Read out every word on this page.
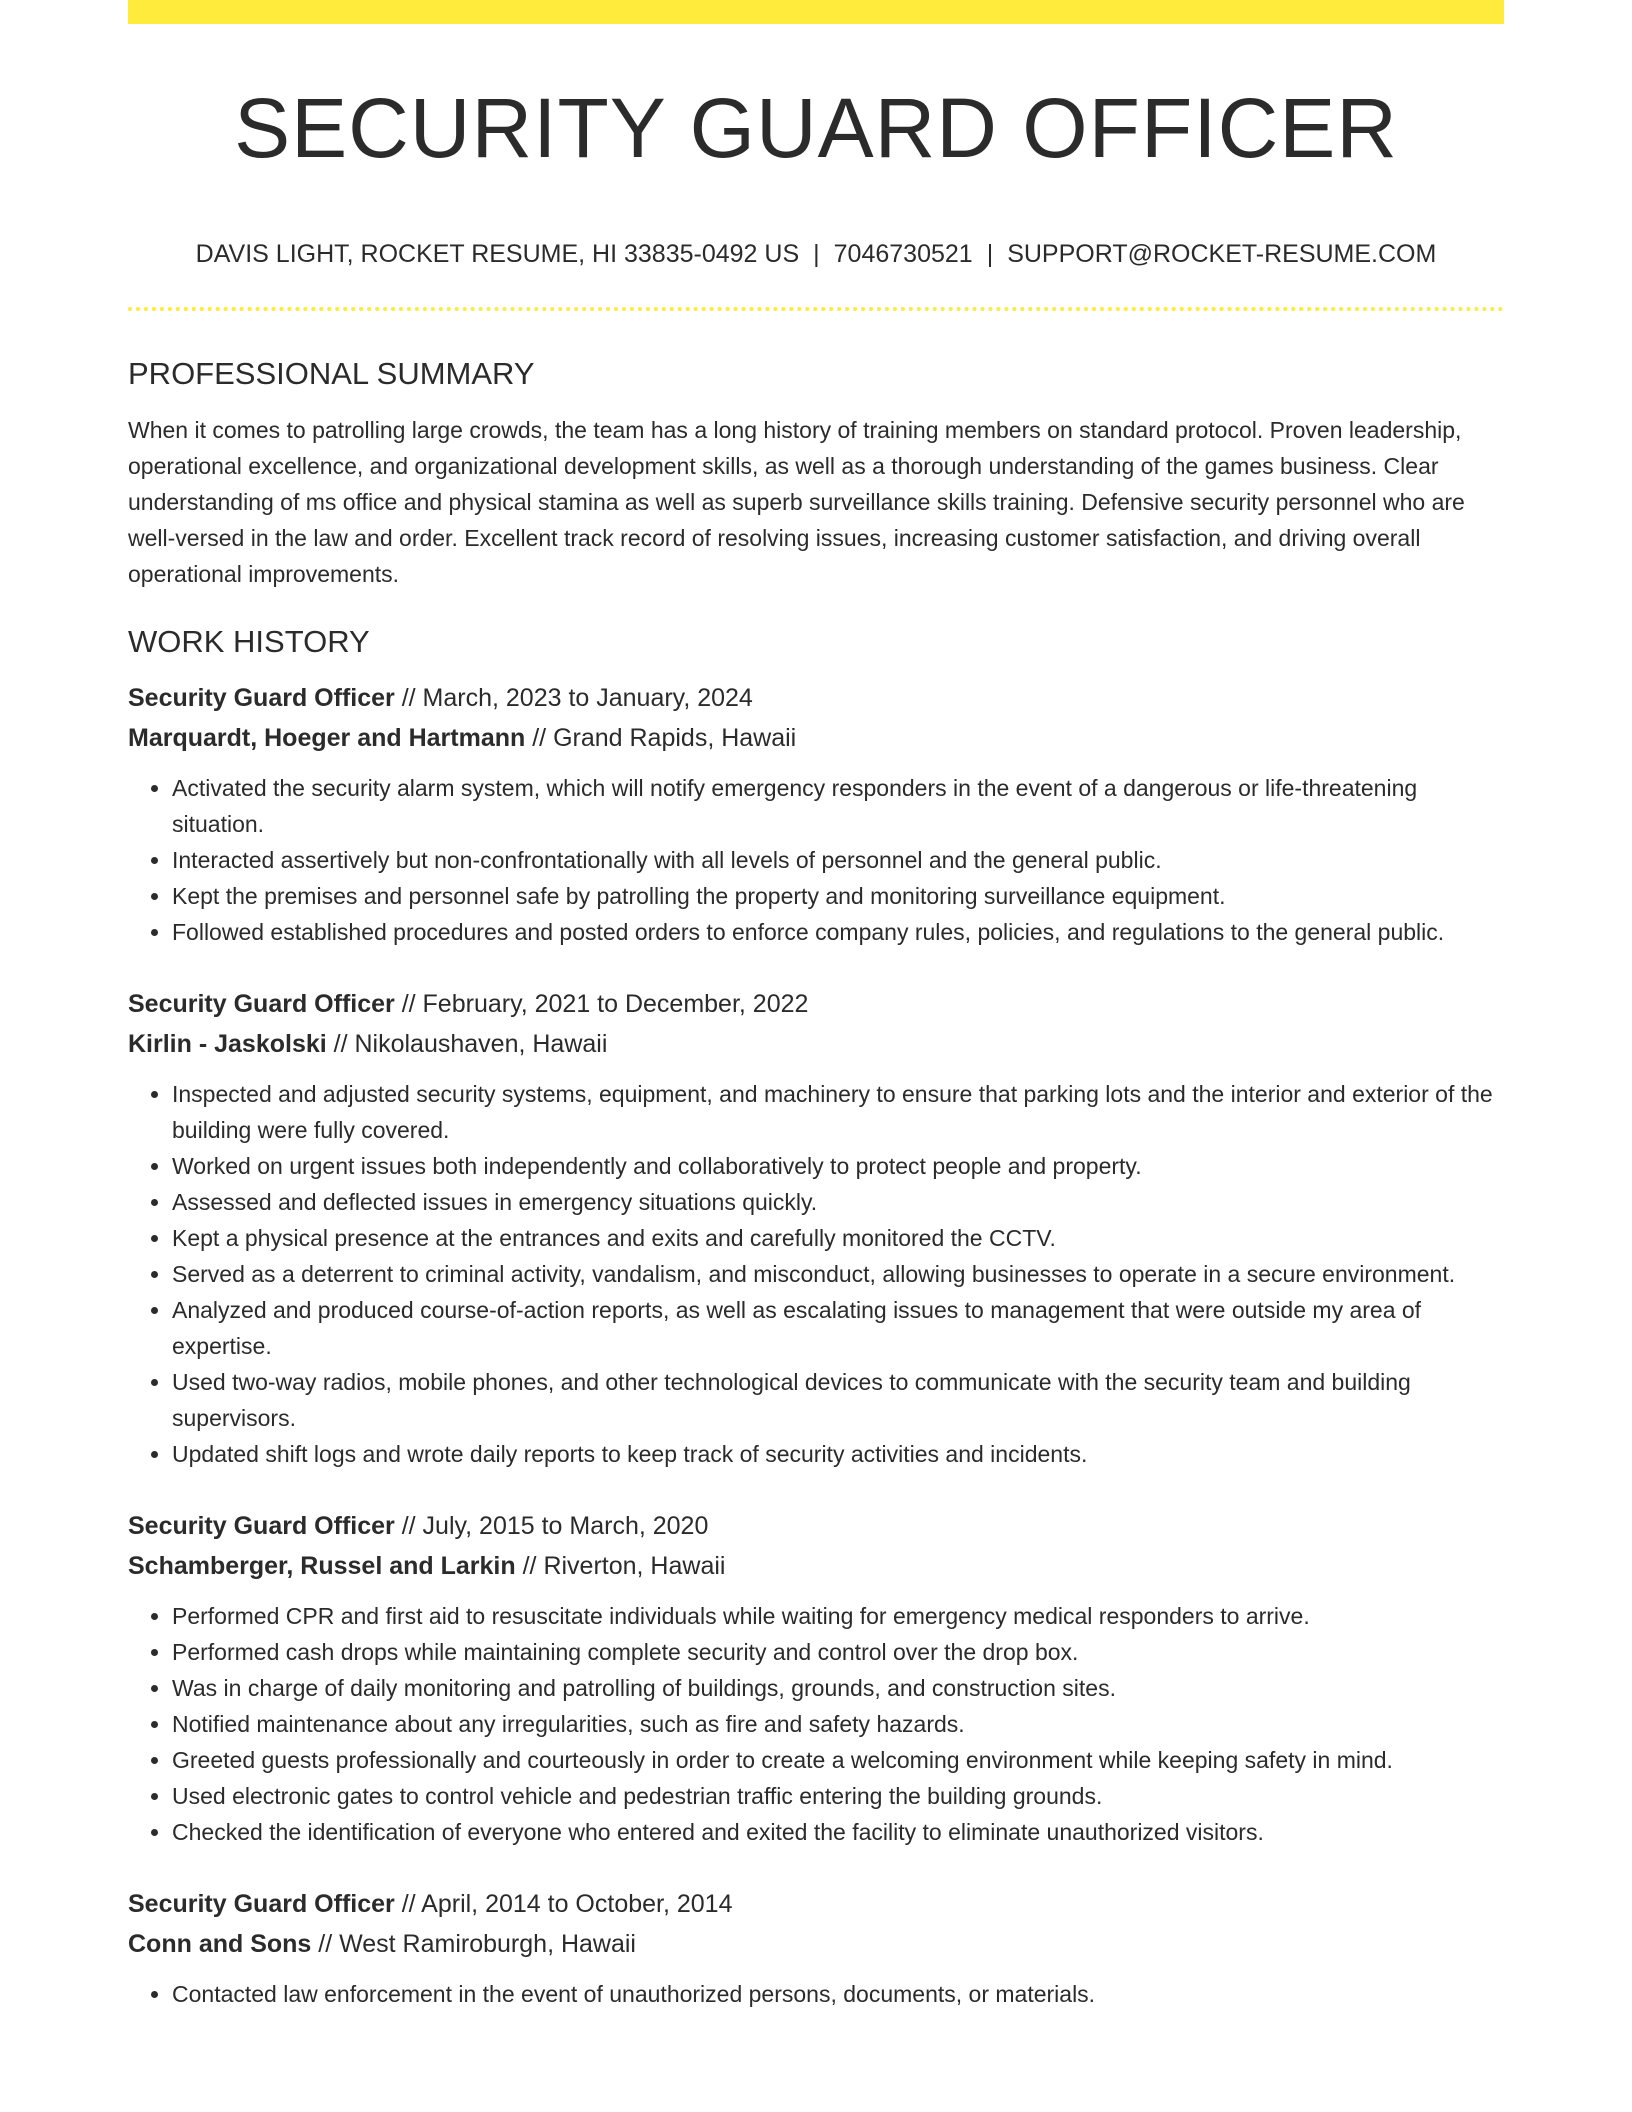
SECURITY GUARD OFFICER
DAVIS LIGHT, ROCKET RESUME, HI 33835-0492 US | 7046730521 | SUPPORT@ROCKET-RESUME.COM
PROFESSIONAL SUMMARY

When it comes to patrolling large crowds, the team has a long history of training members on standard protocol. Proven leadership, operational excellence, and organizational development skills, as well as a thorough understanding of the games business. Clear understanding of ms office and physical stamina as well as superb surveillance skills training. Defensive security personnel who are well-versed in the law and order. Excellent track record of resolving issues, increasing customer satisfaction, and driving overall operational improvements.

WORK HISTORY
Security Guard Officer // March, 2023 to January, 2024
Marquardt, Hoeger and Hartmann // Grand Rapids, Hawaii
• Activated the security alarm system, which will notify emergency responders in the event of a dangerous or life-threatening situation.
• Interacted assertively but non-confrontationally with all levels of personnel and the general public.
• Kept the premises and personnel safe by patrolling the property and monitoring surveillance equipment.
• Followed established procedures and posted orders to enforce company rules, policies, and regulations to the general public.
Security Guard Officer // February, 2021 to December, 2022
Kirlin - Jaskolski // Nikolaushaven, Hawaii
• Inspected and adjusted security systems, equipment, and machinery to ensure that parking lots and the interior and exterior of the building were fully covered.
• Worked on urgent issues both independently and collaboratively to protect people and property.
• Assessed and deflected issues in emergency situations quickly.
• Kept a physical presence at the entrances and exits and carefully monitored the CCTV.
• Served as a deterrent to criminal activity, vandalism, and misconduct, allowing businesses to operate in a secure environment.
• Analyzed and produced course-of-action reports, as well as escalating issues to management that were outside my area of expertise.
• Used two-way radios, mobile phones, and other technological devices to communicate with the security team and building supervisors.
• Updated shift logs and wrote daily reports to keep track of security activities and incidents.
Security Guard Officer // July, 2015 to March, 2020
Schamberger, Russel and Larkin // Riverton, Hawaii
• Performed CPR and first aid to resuscitate individuals while waiting for emergency medical responders to arrive.
• Performed cash drops while maintaining complete security and control over the drop box.
• Was in charge of daily monitoring and patrolling of buildings, grounds, and construction sites.
• Notified maintenance about any irregularities, such as fire and safety hazards.
• Greeted guests professionally and courteously in order to create a welcoming environment while keeping safety in mind.
• Used electronic gates to control vehicle and pedestrian traffic entering the building grounds.
• Checked the identification of everyone who entered and exited the facility to eliminate unauthorized visitors.
Security Guard Officer // April, 2014 to October, 2014
Conn and Sons // West Ramiroburgh, Hawaii
• Contacted law enforcement in the event of unauthorized persons, documents, or materials.
